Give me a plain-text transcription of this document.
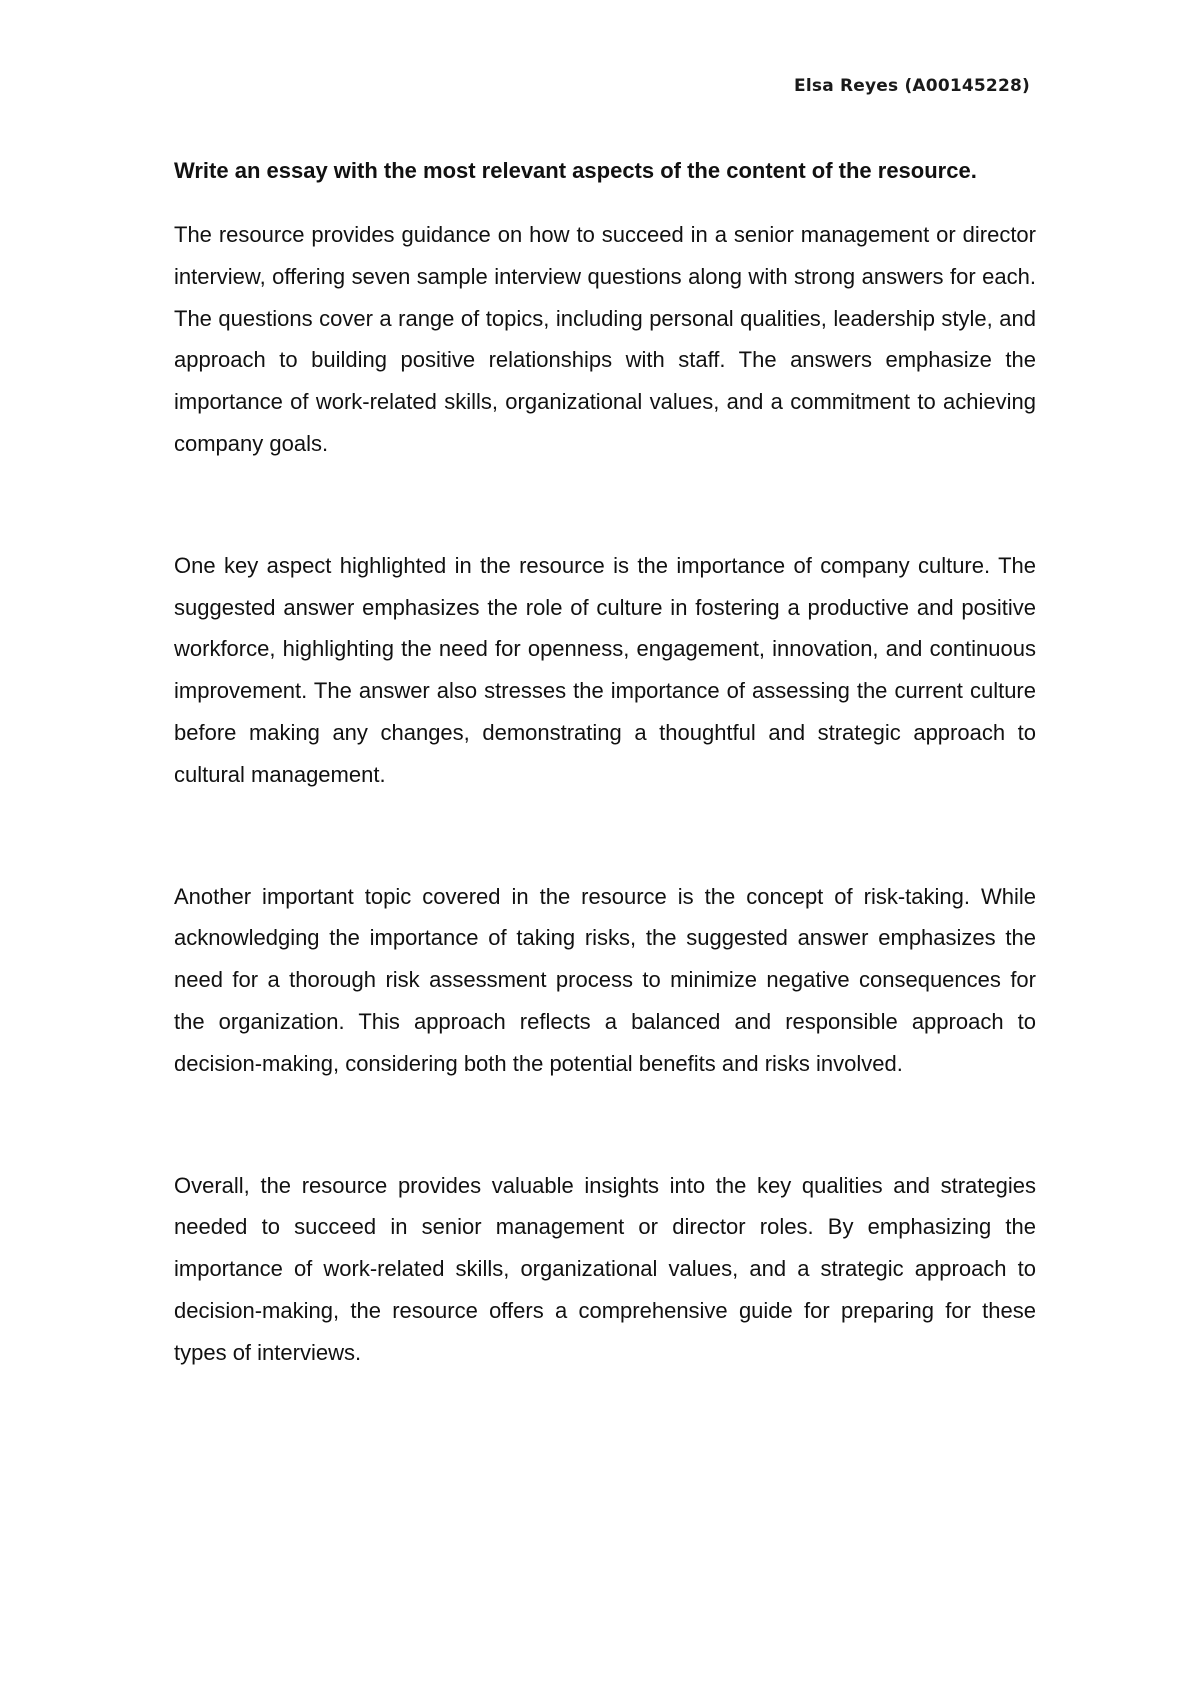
Elsa Reyes (A00145228)

Write an essay with the most relevant aspects of the content of the resource.

The resource provides guidance on how to succeed in a senior management or director interview, offering seven sample interview questions along with strong answers for each. The questions cover a range of topics, including personal qualities, leadership style, and approach to building positive relationships with staff. The answers emphasize the importance of work-related skills, organizational values, and a commitment to achieving company goals.

One key aspect highlighted in the resource is the importance of company culture. The suggested answer emphasizes the role of culture in fostering a productive and positive workforce, highlighting the need for openness, engagement, innovation, and continuous improvement. The answer also stresses the importance of assessing the current culture before making any changes, demonstrating a thoughtful and strategic approach to cultural management.

Another important topic covered in the resource is the concept of risk-taking. While acknowledging the importance of taking risks, the suggested answer emphasizes the need for a thorough risk assessment process to minimize negative consequences for the organization. This approach reflects a balanced and responsible approach to decision-making, considering both the potential benefits and risks involved.

Overall, the resource provides valuable insights into the key qualities and strategies needed to succeed in senior management or director roles. By emphasizing the importance of work-related skills, organizational values, and a strategic approach to decision-making, the resource offers a comprehensive guide for preparing for these types of interviews.
